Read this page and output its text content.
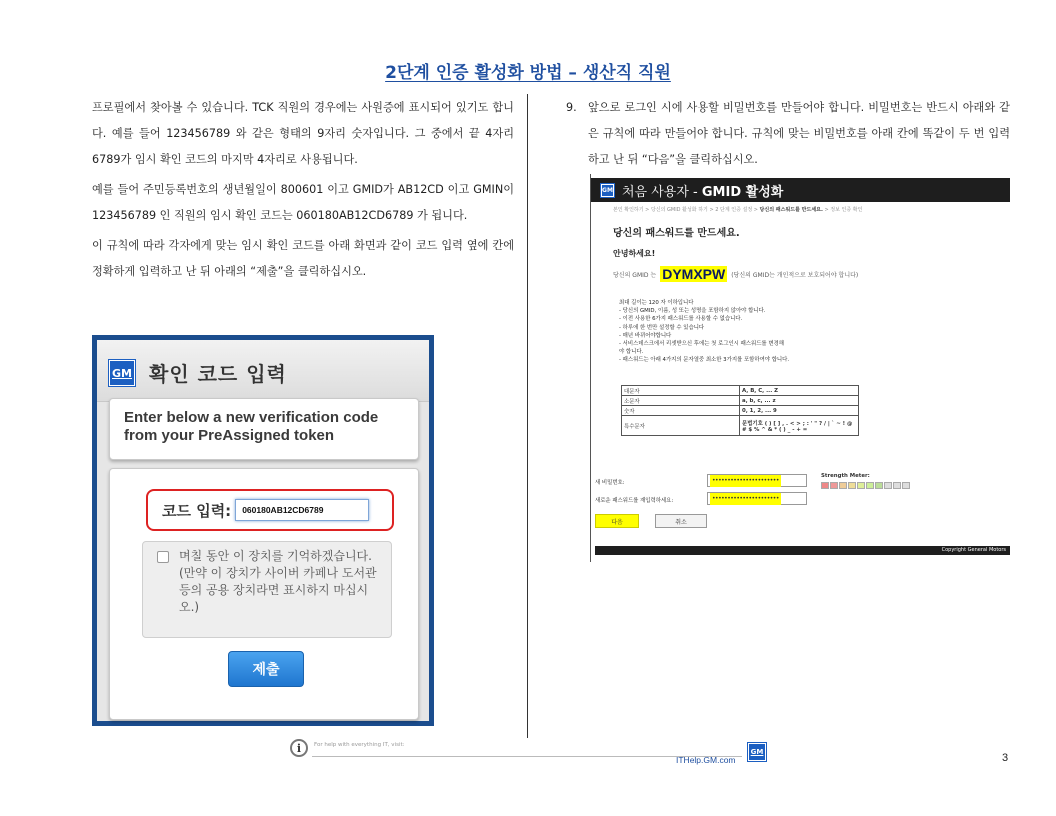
2단계 인증 활성화 방법 – 생산직 직원

프로필에서 찾아볼 수 있습니다. TCK 직원의 경우에는 사원증에 표시되어 있기도 합니다. 예를 들어 123456789 와 같은 형태의 9자리 숫자입니다. 그 중에서 끝 4자리 6789가 임시 확인 코드의 마지막 4자리로 사용됩니다.

예를 들어 주민등록번호의 생년월일이 800601 이고 GMID가 AB12CD 이고 GMIN이 123456789 인 직원의 임시 확인 코드는 060180AB12CD6789 가 됩니다.

이 규칙에 따라 각자에게 맞는 임시 확인 코드를 아래 화면과 같이 코드 입력 옆에 칸에 정확하게 입력하고 난 뒤 아래의 “제출”을 클릭하십시오.

9. 앞으로 로그인 시에 사용할 비밀번호를 만들어야 합니다. 비밀번호는 반드시 아래와 같은 규칙에 따라 만들어야 합니다. 규칙에 맞는 비밀번호를 아래 칸에 똑같이 두 번 입력하고 난 뒤 “다음”을 클릭하십시오.

GM 확인 코드 입력
Enter below a new verification code from your PreAssigned token
코드 입력:	060180AB12CD6789
며칠 동안 이 장치를 기억하겠습니다. (만약 이 장치가 사이버 카페나 도서관 등의 공용 장치라면 표시하지 마십시오.)
제출
GM 처음 사용자 - GMID 활성화
본인 확인하기 > 당신의 GMID 활성화 하기 > 2 단계 인증 설정 > 당신의 패스워드를 만드세요. > 정보 인증 확인
당신의 패스워드를 만드세요.
안녕하세요!
당신의 GMID 는 DYMXPW	(당신의 GMID는 개인적으로 보호되어야 합니다)
최대 길이는 120 자 이하입니다
- 당신의 GMID, 이름, 성 또는 성명을 포함하지 않아야 합니다.
- 이전 사용한 6가지 패스워드를 사용할 수 없습니다.
- 하루에 한 번만 설정할 수 있습니다
- 매년 바뀌어야합니다
- 서비스데스크에서 리셋받으신 후에는 첫 로그인시 패스워드를 변경해
야 합니다.
- 패스워드는 아래 4가지의 문자열중 최소한 3가지를 포함하여야 합니다.
대문자	A, B, C, ... Z
소문자	a, b, c, ... z
숫자	0, 1, 2, ... 9
특수문자	문법기호 ( ) [ ] , . < > ; : ' " ? / | ` ~ ! @ # $ % ^ & * ( ) _ - + =
새 비밀번호:	••••••••••••••••••••••
새로운 패스워드를 재입력하세요:	••••••••••••••••••••••
Strength Meter:
다음	취소
Copyright General Motors
i	For help with everything IT, visit:
ITHelp.GM.com
GM	3
